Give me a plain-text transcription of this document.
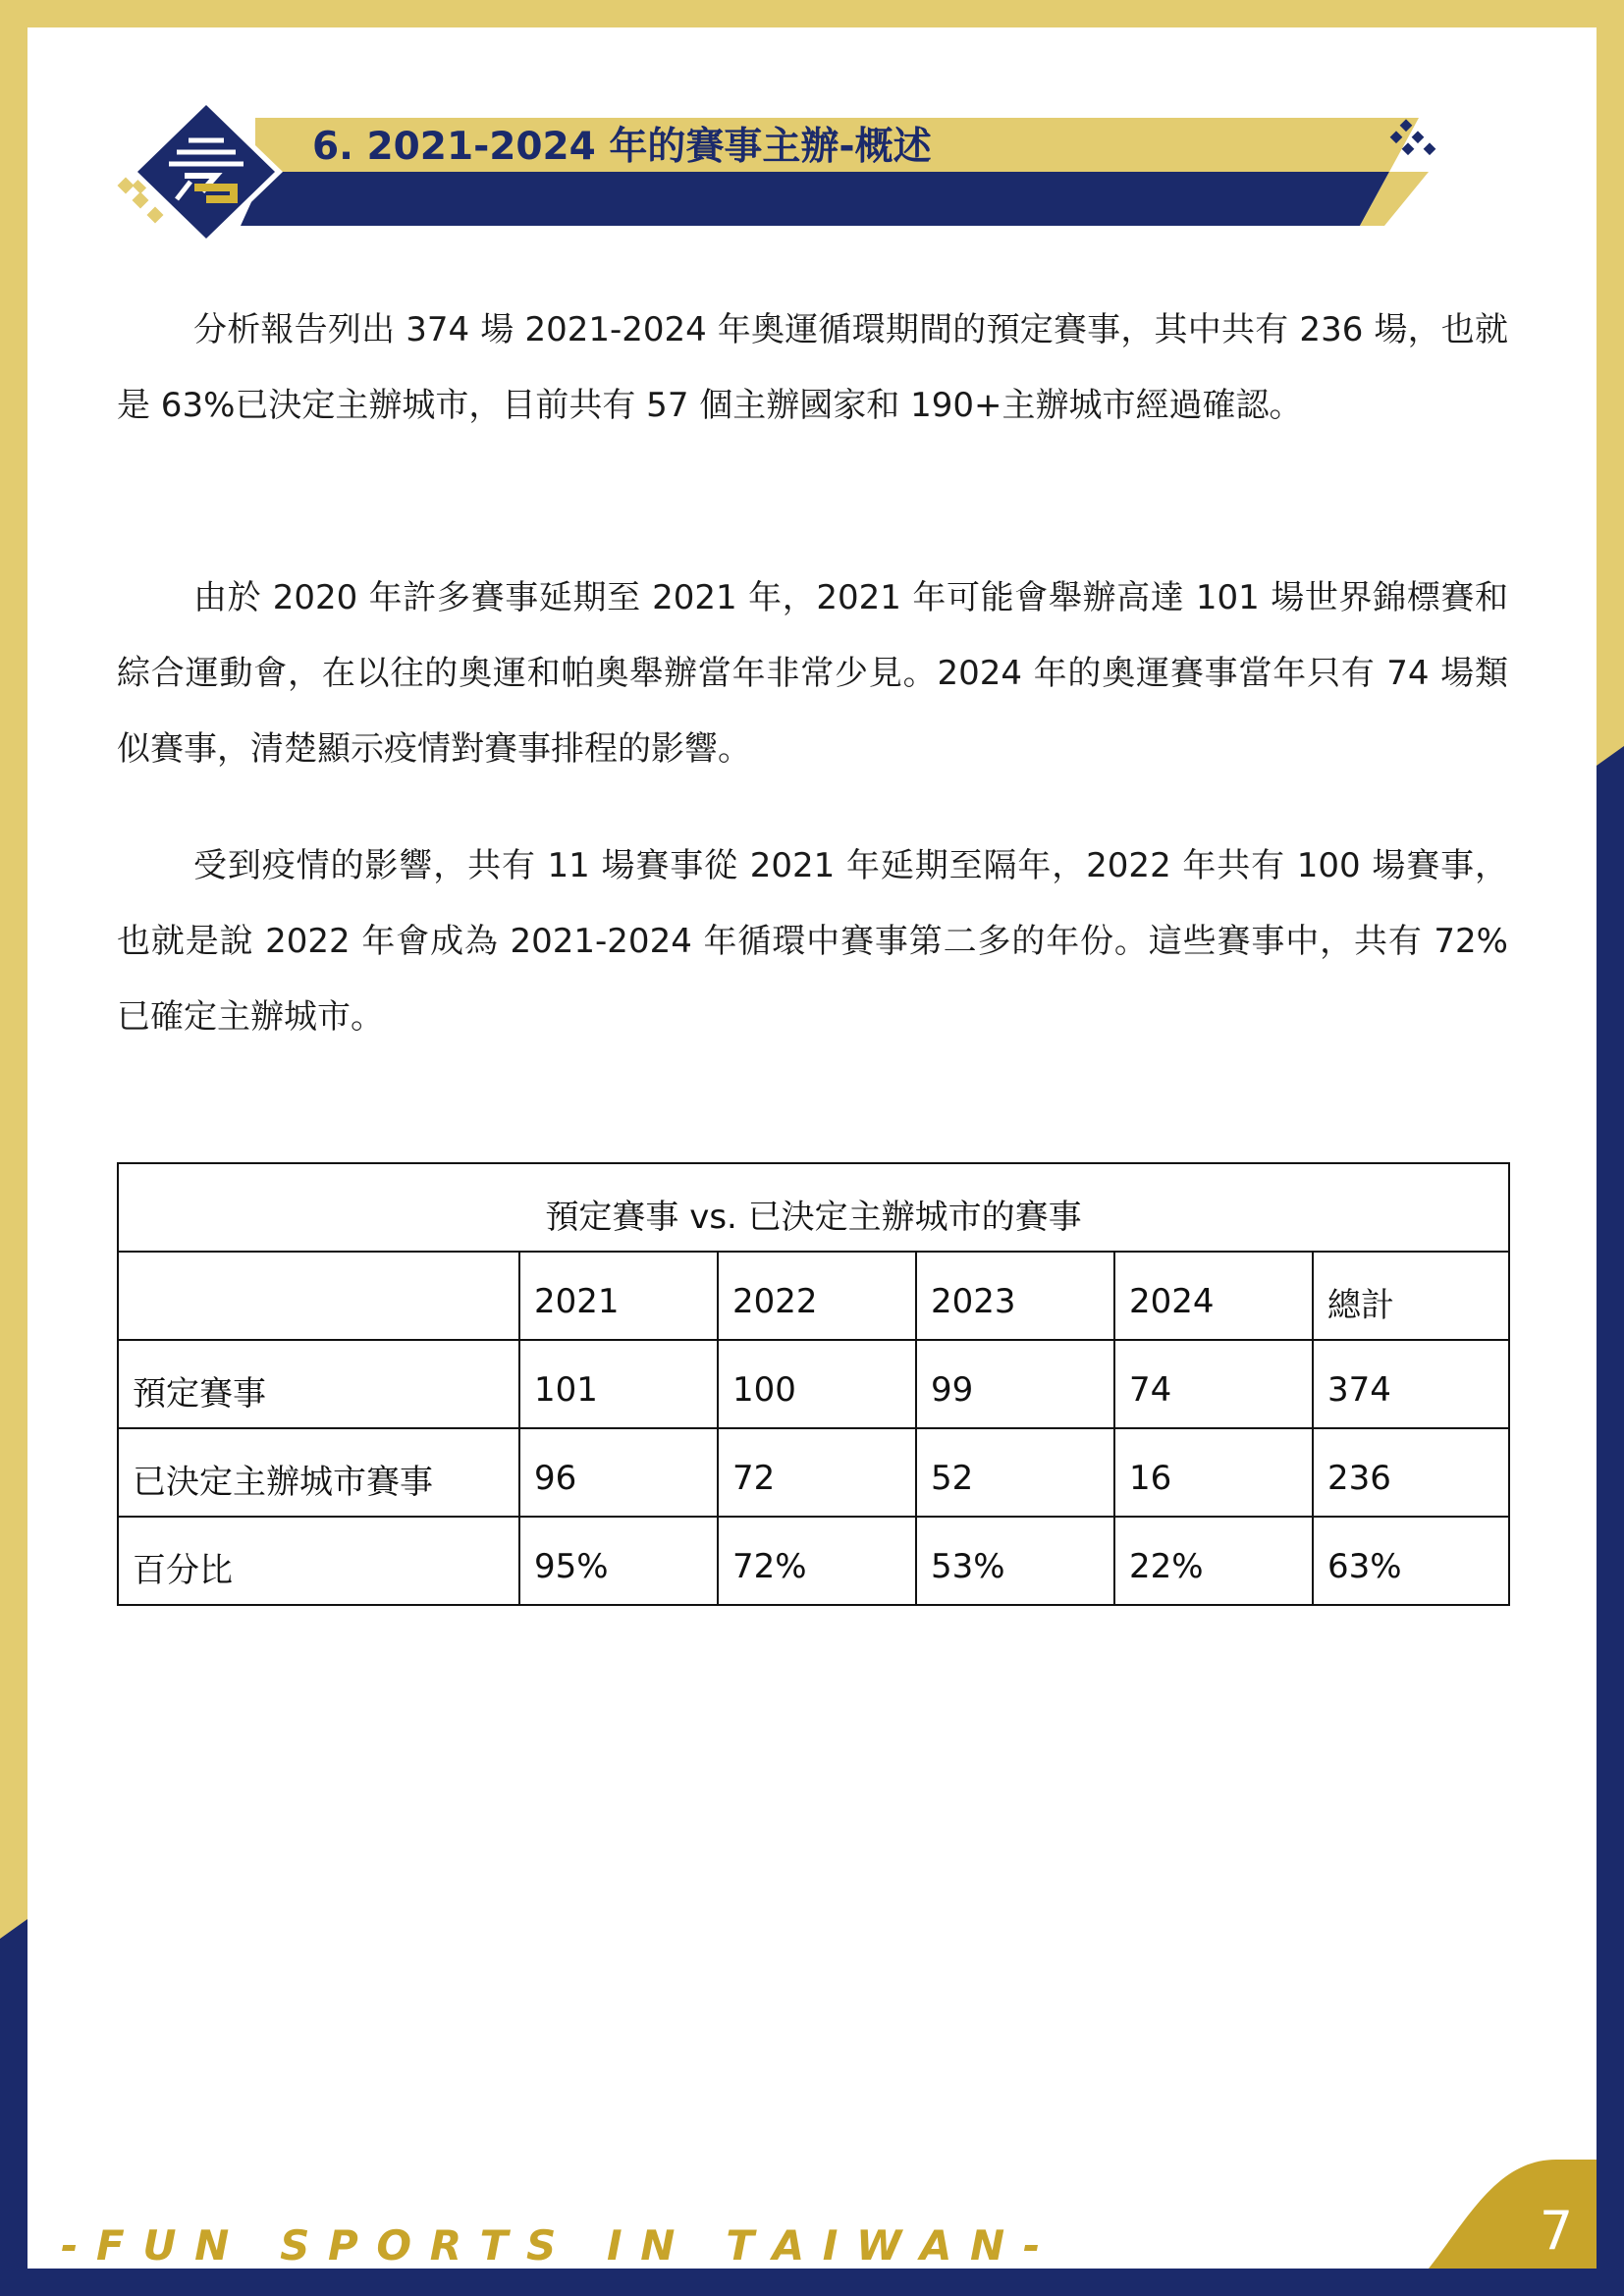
6. 2021-2024 年的賽事主辦-概述
分析報告列出 374 場 2021-2024 年奧運循環期間的預定賽事，其中共有 236 場，也就是 63%已決定主辦城市，目前共有 57 個主辦國家和 190+主辦城市經過確認。
由於 2020 年許多賽事延期至 2021 年，2021 年可能會舉辦高達 101 場世界錦標賽和綜合運動會，在以往的奧運和帕奧舉辦當年非常少見。2024 年的奧運賽事當年只有 74 場類似賽事，清楚顯示疫情對賽事排程的影響。
受到疫情的影響，共有 11 場賽事從 2021 年延期至隔年，2022 年共有 100 場賽事，也就是說 2022 年會成為 2021-2024 年循環中賽事第二多的年份。這些賽事中，共有 72%已確定主辦城市。
預定賽事 vs. 已決定主辦城市的賽事					
	2021	2022	2023	2024	總計
預定賽事	101	100	99	74	374
已決定主辦城市賽事	96	72	52	16	236
百分比	95%	72%	53%	22%	63%
- F U N   S P O R T S   I N   T A I W A N -	7
